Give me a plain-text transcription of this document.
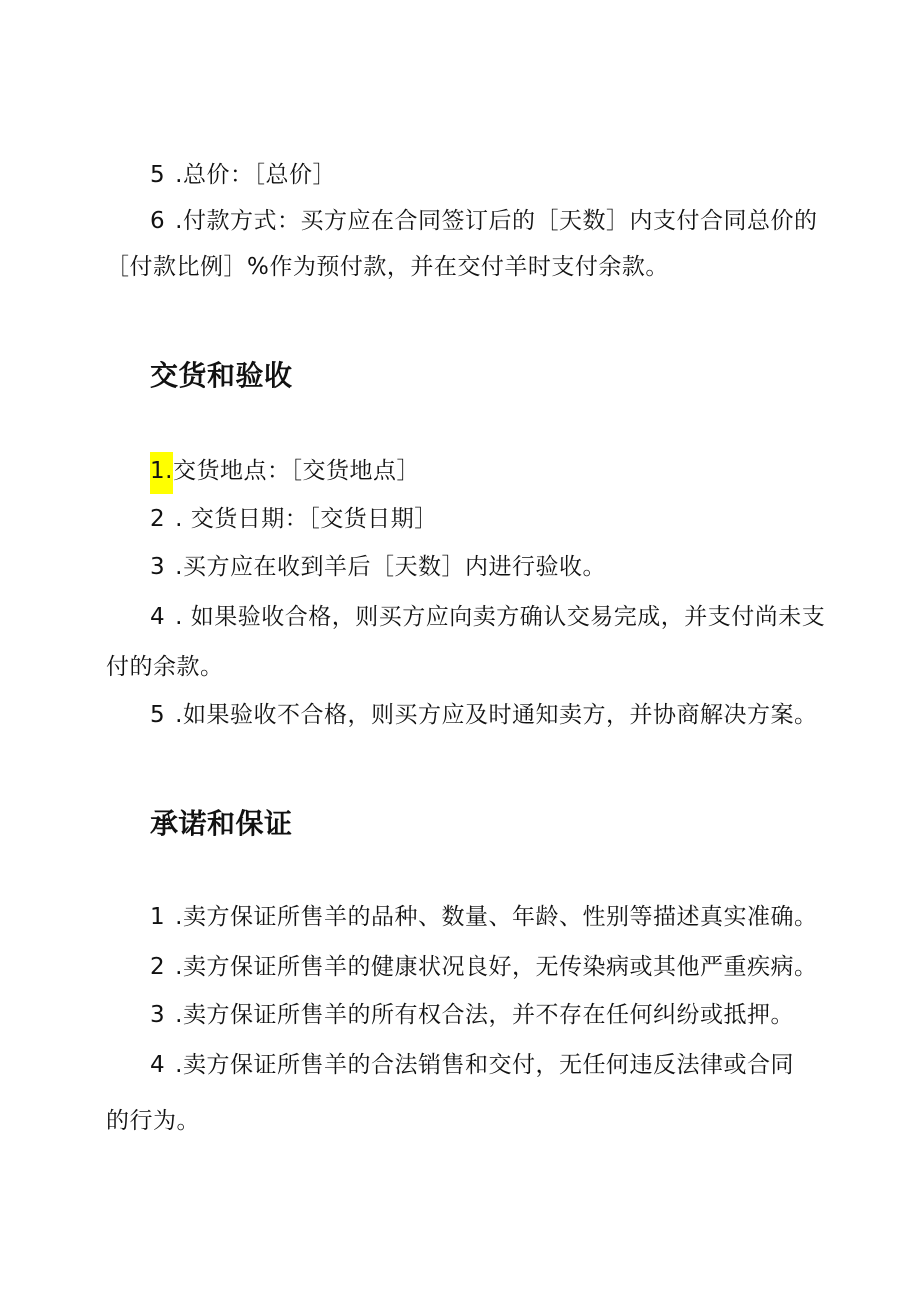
5 .总价：［总价］
6 .付款方式：买方应在合同签订后的［天数］内支付合同总价的
［付款比例］%作为预付款，并在交付羊时支付余款。
交货和验收
1.交货地点：［交货地点］
2 . 交货日期：［交货日期］
3 .买方应在收到羊后［天数］内进行验收。
4 . 如果验收合格，则买方应向卖方确认交易完成，并支付尚未支
付的余款。
5 .如果验收不合格，则买方应及时通知卖方，并协商解决方案。
承诺和保证
1 .卖方保证所售羊的品种、数量、年龄、性别等描述真实准确。
2 .卖方保证所售羊的健康状况良好，无传染病或其他严重疾病。
3 .卖方保证所售羊的所有权合法，并不存在任何纠纷或抵押。
4 .卖方保证所售羊的合法销售和交付，无任何违反法律或合同
的行为。
